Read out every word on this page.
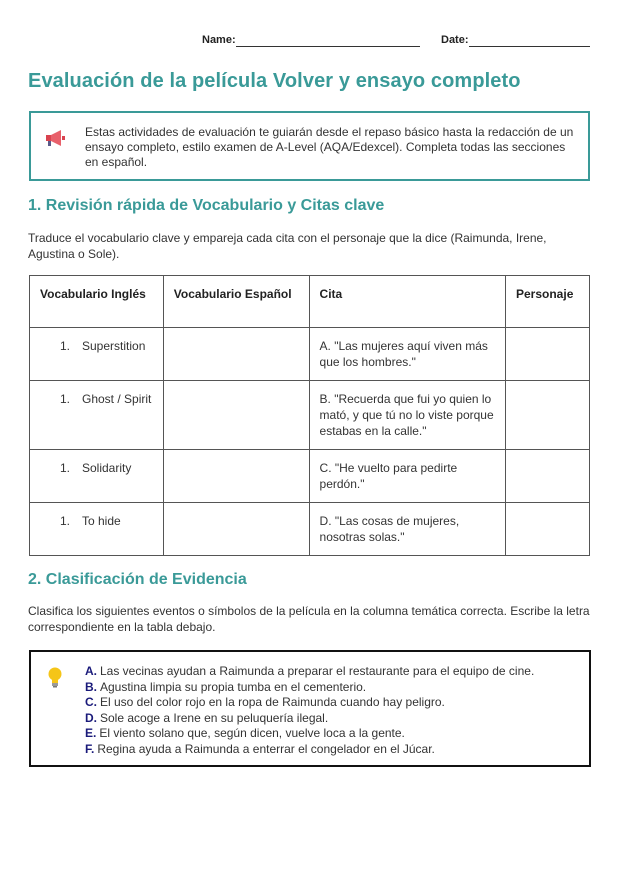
Name:	Date:
Evaluación de la película Volver y ensayo completo
Estas actividades de evaluación te guiarán desde el repaso básico hasta la redacción de un ensayo completo, estilo examen de A-Level (AQA/Edexcel). Completa todas las secciones en español.
1. Revisión rápida de Vocabulario y Citas clave

Traduce el vocabulario clave y empareja cada cita con el personaje que la dice (Raimunda, Irene, Agustina o Sole).

Vocabulario Inglés	Vocabulario Español	Cita	Personaje
1. Superstition		A. "Las mujeres aquí viven más que los hombres."	
1. Ghost / Spirit		B. "Recuerda que fui yo quien lo mató, y que tú no lo viste porque estabas en la calle."	
1. Solidarity		C. "He vuelto para pedirte perdón."	
1. To hide		D. "Las cosas de mujeres, nosotras solas."	
2. Clasificación de Evidencia

Clasifica los siguientes eventos o símbolos de la película en la columna temática correcta. Escribe la letra correspondiente en la tabla debajo.

A. Las vecinas ayudan a Raimunda a preparar el restaurante para el equipo de cine.
B. Agustina limpia su propia tumba en el cementerio.
C. El uso del color rojo en la ropa de Raimunda cuando hay peligro.
D. Sole acoge a Irene en su peluquería ilegal.
E. El viento solano que, según dicen, vuelve loca a la gente.
F. Regina ayuda a Raimunda a enterrar el congelador en el Júcar.
